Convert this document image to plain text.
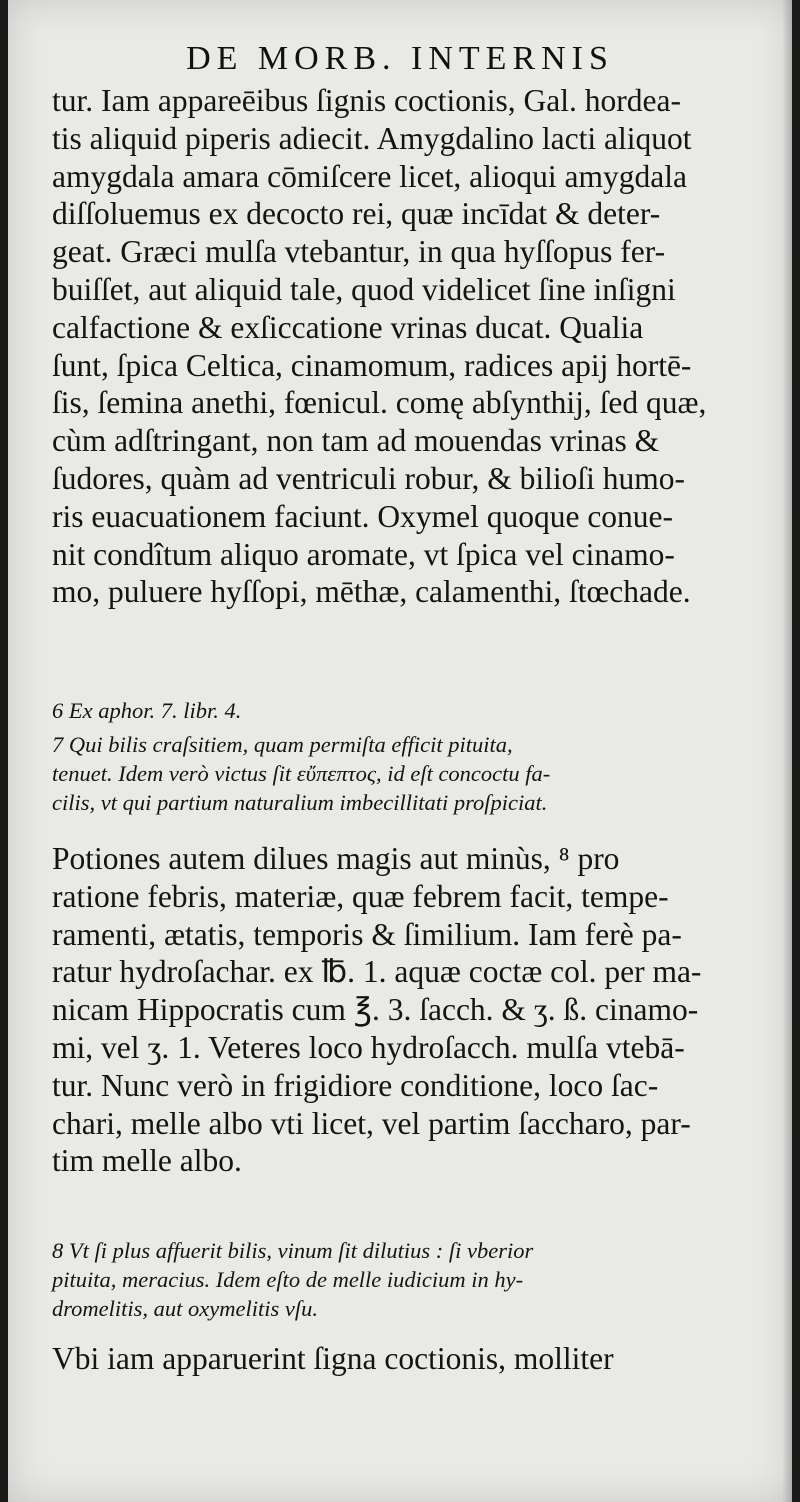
DE MORB. INTERNIS
tur. Iam appareēibus ſignis coctionis, Gal. hordea-
tis aliquid piperis adiecit. Amygdalino lacti aliquot
amygdala amara cōmiſcere licet, alioqui amygdala
diſſoluemus ex decocto rei, quæ incīdat & deter-
geat. Græci mulſa vtebantur, in qua hyſſopus fer-
buiſſet, aut aliquid tale, quod videlicet ſine inſigni
calfactione & exſiccatione vrinas ducat. Qualia
ſunt, ſpica Celtica, cinamomum, radices apij hortē-
ſis, ſemina anethi, fœnicul. comę abſynthij, ſed quæ,
cùm adſtringant, non tam ad mouendas vrinas &
ſudores, quàm ad ventriculi robur, & bilioſi humo-
ris euacuationem faciunt. Oxymel quoque conue-
nit condîtum aliquo aromate, vt ſpica vel cinamo-
mo, puluere hyſſopi, mēthæ, calamenthi, ſtœchade.
6 Ex aphor. 7. libr. 4.
7 Qui bilis craſsitiem, quam permiſta efficit pituita,
tenuet. Idem verò victus ſit εὔπεπτος, id eſt concoctu fa-
cilis, vt qui partium naturalium imbecillitati proſpiciat.
Potiones autem dilues magis aut minùs, ⁸ pro
ratione febris, materiæ, quæ febrem facit, tempe-
ramenti, ætatis, temporis & ſimilium. Iam ferè pa-
ratur hydroſachar. ex ℔. 1. aquæ coctæ col. per ma-
nicam Hippocratis cum ℥. 3. ſacch. & ʒ. ß. cinamo-
mi, vel ʒ. 1. Veteres loco hydroſacch. mulſa vtebā-
tur. Nunc verò in frigidiore conditione, loco ſac-
chari, melle albo vti licet, vel partim ſaccharo, par-
tim melle albo.
8 Vt ſi plus affuerit bilis, vinum ſit dilutius : ſi vberior
pituita, meracius. Idem eſto de melle iudicium in hy-
dromelitis, aut oxymelitis vſu.
Vbi iam apparuerint ſigna coctionis, molliter
